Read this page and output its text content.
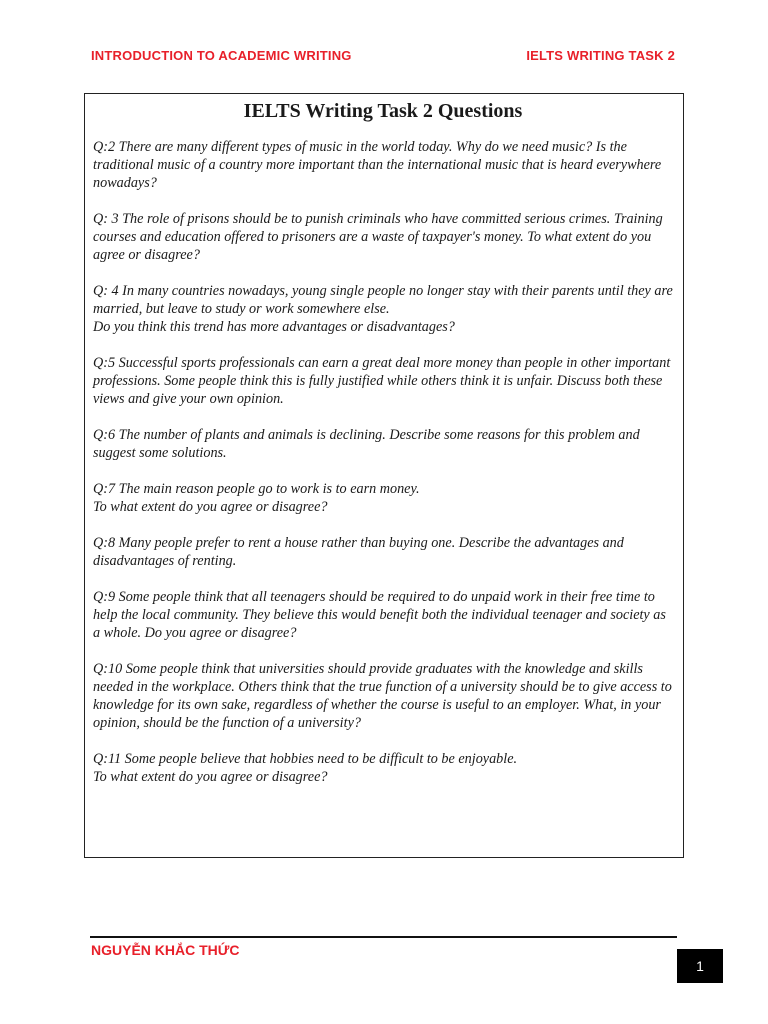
INTRODUCTION TO ACADEMIC WRITING	IELTS WRITING TASK 2
IELTS Writing Task 2 Questions

Q:2 There are many different types of music in the world today. Why do we need music? Is the traditional music of a country more important than the international music that is heard everywhere nowadays?

Q: 3 The role of prisons should be to punish criminals who have committed serious crimes. Training courses and education offered to prisoners are a waste of taxpayer's money. To what extent do you agree or disagree?

Q: 4 In many countries nowadays, young single people no longer stay with their parents until they are married, but leave to study or work somewhere else.
Do you think this trend has more advantages or disadvantages?

Q:5 Successful sports professionals can earn a great deal more money than people in other important professions. Some people think this is fully justified while others think it is unfair. Discuss both these views and give your own opinion.

Q:6 The number of plants and animals is declining. Describe some reasons for this problem and suggest some solutions.

Q:7 The main reason people go to work is to earn money.
To what extent do you agree or disagree?

Q:8 Many people prefer to rent a house rather than buying one. Describe the advantages and disadvantages of renting.

Q:9 Some people think that all teenagers should be required to do unpaid work in their free time to help the local community. They believe this would benefit both the individual teenager and society as a whole. Do you agree or disagree?

Q:10 Some people think that universities should provide graduates with the knowledge and skills needed in the workplace. Others think that the true function of a university should be to give access to knowledge for its own sake, regardless of whether the course is useful to an employer. What, in your opinion, should be the function of a university?

Q:11 Some people believe that hobbies need to be difficult to be enjoyable.
To what extent do you agree or disagree?

NGUYỄN KHẮC THỨC
1
